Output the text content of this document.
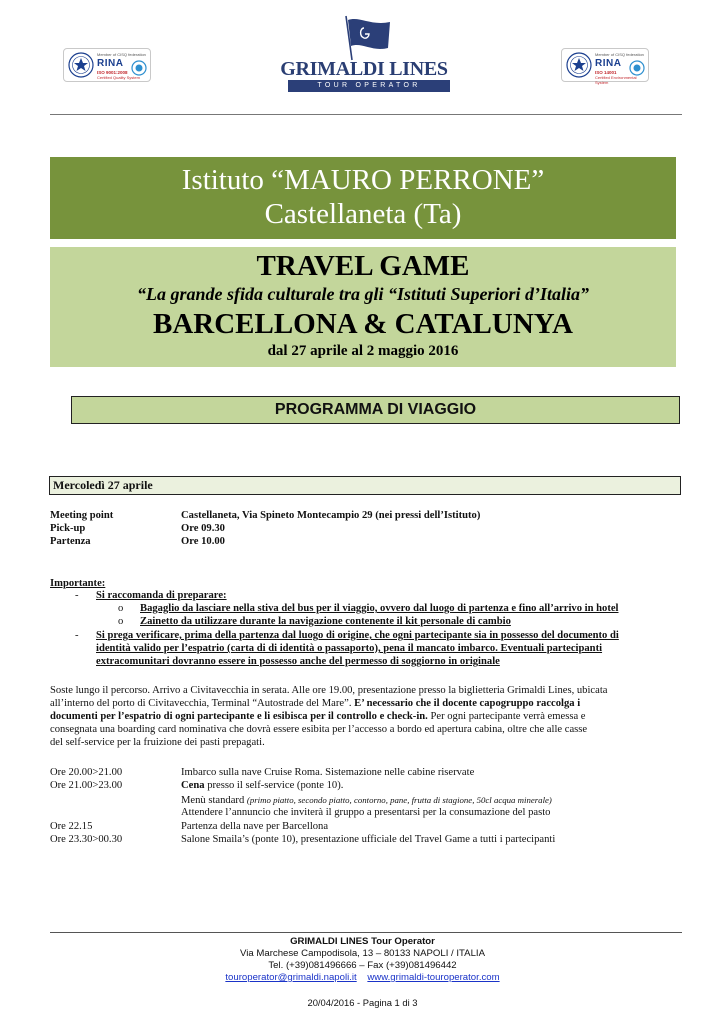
Member of CISQ federation
RINA
ISO 9001:2008
Certified Quality System	GRIMALDI LINES
TOUR OPERATOR
Member of CISQ federation
RINA
ISO 14001
Certified Environmental System
Istituto “MAURO PERRONE”
Castellaneta (Ta)
TRAVEL GAME
“La grande sfida culturale tra gli “Istituti Superiori d’Italia”
BARCELLONA & CATALUNYA
dal 27 aprile al 2 maggio 2016
PROGRAMMA DI VIAGGIO
Mercoledì 27 aprile
Meeting point	Castellaneta, Via Spineto Montecampio 29 (nei pressi dell’Istituto)
Pick-up	Ore 09.30
Partenza	Ore 10.00
Importante:
- Si raccomanda di preparare:
o Bagaglio da lasciare nella stiva del bus per il viaggio, ovvero dal luogo di partenza e fino all’arrivo in hotel
o Zainetto da utilizzare durante la navigazione contenente il kit personale di cambio
- Si prega verificare, prima della partenza dal luogo di origine, che ogni partecipante sia in possesso del documento di
identità valido per l’espatrio (carta di di identità o passaporto), pena il mancato imbarco. Eventuali partecipanti
extracomunitari dovranno essere in possesso anche del permesso di soggiorno in originale
Soste lungo il percorso. Arrivo a Civitavecchia in serata. Alle ore 19.00, presentazione presso la biglietteria Grimaldi Lines, ubicata
all’interno del porto di Civitavecchia, Terminal “Autostrade del Mare”. E’ necessario che il docente capogruppo raccolga i
documenti per l’espatrio di ogni partecipante e li esibisca per il controllo e check-in. Per ogni partecipante verrà emessa e
consegnata una boarding card nominativa che dovrà essere esibita per l’accesso a bordo ed apertura cabina, oltre che alle casse
del self-service per la fruizione dei pasti prepagati.
Ore 20.00>21.00	Imbarco sulla nave Cruise Roma. Sistemazione nelle cabine riservate
Ore 21.00>23.00	Cena presso il self-service (ponte 10).
Menù standard (primo piatto, secondo piatto, contorno, pane, frutta di stagione, 50cl acqua minerale)
Attendere l’annuncio che inviterà il gruppo a presentarsi per la consumazione del pasto
Ore 22.15	Partenza della nave per Barcellona
Ore 23.30>00.30	Salone Smaila’s (ponte 10), presentazione ufficiale del Travel Game a tutti i partecipanti
GRIMALDI LINES Tour Operator
Via Marchese Campodisola, 13 – 80133 NAPOLI / ITALIA
Tel. (+39)081496666 – Fax (+39)081496442
touroperator@grimaldi.napoli.it www.grimaldi-touroperator.com
20/04/2016 - Pagina 1 di 3
